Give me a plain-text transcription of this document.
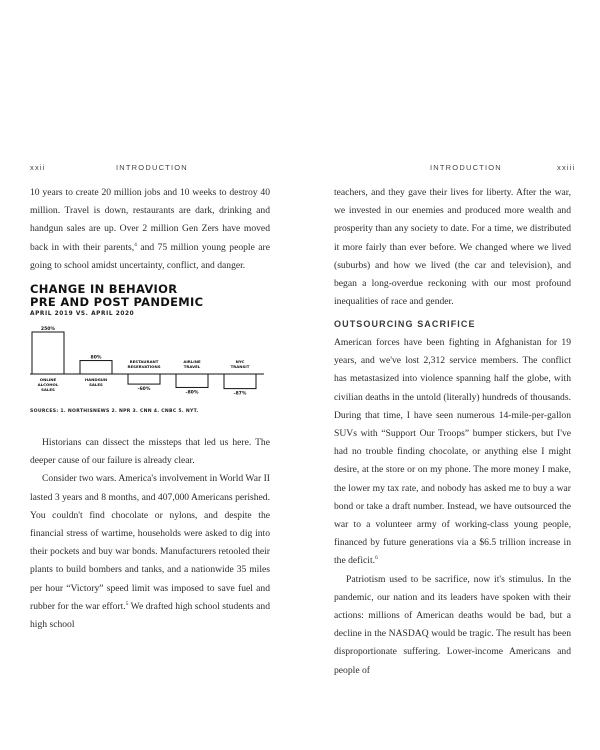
xxii	INTRODUCTION

10 years to create 20 million jobs and 10 weeks to destroy 40 million. Travel is down, restaurants are dark, drinking and handgun sales are up. Over 2 million Gen Zers have moved back in with their parents,$^4$ and 75 million young people are going to school amidst uncertainty, conflict, and danger.

CHANGE IN BEHAVIOR
PRE AND POST PANDEMIC
APRIL 2019 VS. APRIL 2020
250%
ONLINE
ALCOHOL
SALES
80%
HANDGUN
SALES
-60%
RESTAURANT
RESERVATIONS
-80%
AIRLINE
TRAVEL
-87%
NYC
TRANSIT
SOURCES: 1. NORTHISNEWS 2. NPR 3. CNN 4. CNBC 5. NYT.

Historians can dissect the missteps that led us here. The deeper cause of our failure is already clear.

Consider two wars. America's involvement in World War II lasted 3 years and 8 months, and 407,000 Americans perished. You couldn't find chocolate or nylons, and despite the financial stress of wartime, households were asked to dig into their pockets and buy war bonds. Manufacturers retooled their plants to build bombers and tanks, and a nationwide 35 miles per hour “Victory” speed limit was imposed to save fuel and rubber for the war effort.$^5$ We drafted high school students and high school

INTRODUCTION	xxiii
teachers, and they gave their lives for liberty. After the war, we invested in our enemies and produced more wealth and prosperity than any society to date. For a time, we distributed it more fairly than ever before. We changed where we lived (suburbs) and how we lived (the car and television), and began a long-overdue reckoning with our most profound inequalities of race and gender.
OUTSOURCING SACRIFICE

American forces have been fighting in Afghanistan for 19 years, and we've lost 2,312 service members. The conflict has metastasized into violence spanning half the globe, with civilian deaths in the untold (literally) hundreds of thousands. During that time, I have seen numerous 14-mile-per-gallon SUVs with “Support Our Troops” bumper stickers, but I've had no trouble finding chocolate, or anything else I might desire, at the store or on my phone. The more money I make, the lower my tax rate, and nobody has asked me to buy a war bond or take a draft number. Instead, we have outsourced the war to a volunteer army of working-class young people, financed by future generations via a $6.5 trillion increase in the deficit.$^6$

Patriotism used to be sacrifice, now it's stimulus. In the pandemic, our nation and its leaders have spoken with their actions: millions of American deaths would be bad, but a decline in the NASDAQ would be tragic. The result has been disproportionate suffering. Lower-income Americans and people of
